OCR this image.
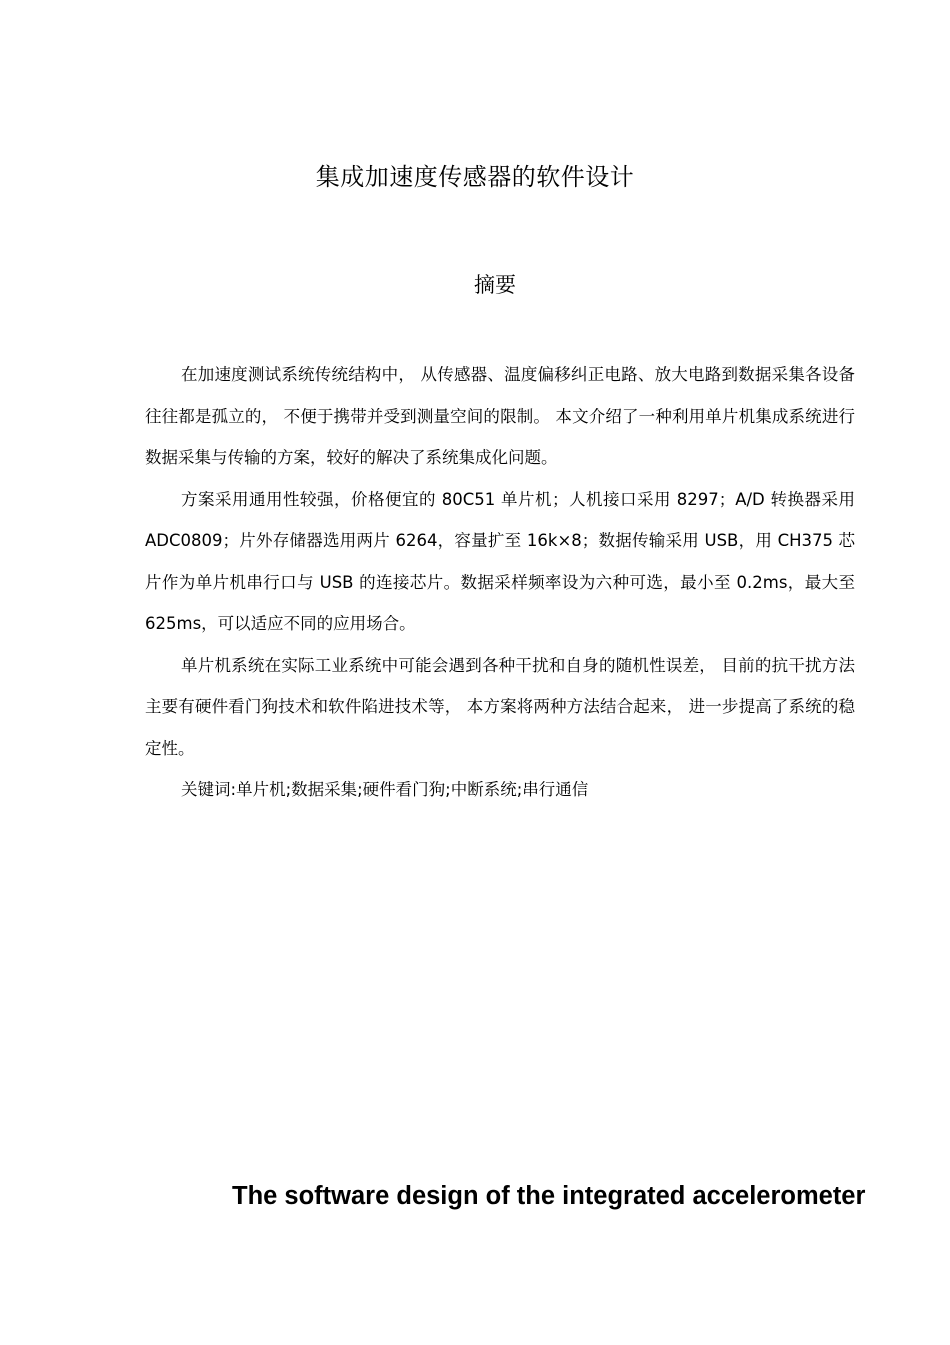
集成加速度传感器的软件设计
摘要

在加速度测试系统传统结构中， 从传感器、温度偏移纠正电路、放大电路到数据采集各设备往往都是孤立的， 不便于携带并受到测量空间的限制。 本文介绍了一种利用单片机集成系统进行数据采集与传输的方案，较好的解决了系统集成化问题。

方案采用通用性较强，价格便宜的 80C51 单片机；人机接口采用 8297；A/D 转换器采用 ADC0809；片外存储器选用两片 6264，容量扩至 16k×8；数据传输采用 USB，用 CH375 芯片作为单片机串行口与 USB 的连接芯片。数据采样频率设为六种可选，最小至 0.2ms，最大至 625ms，可以适应不同的应用场合。

单片机系统在实际工业系统中可能会遇到各种干扰和自身的随机性误差， 目前的抗干扰方法主要有硬件看门狗技术和软件陷进技术等， 本方案将两种方法结合起来， 进一步提高了系统的稳定性。

关键词:单片机;数据采集;硬件看门狗;中断系统;串行通信

The software design of the integrated accelerometer
